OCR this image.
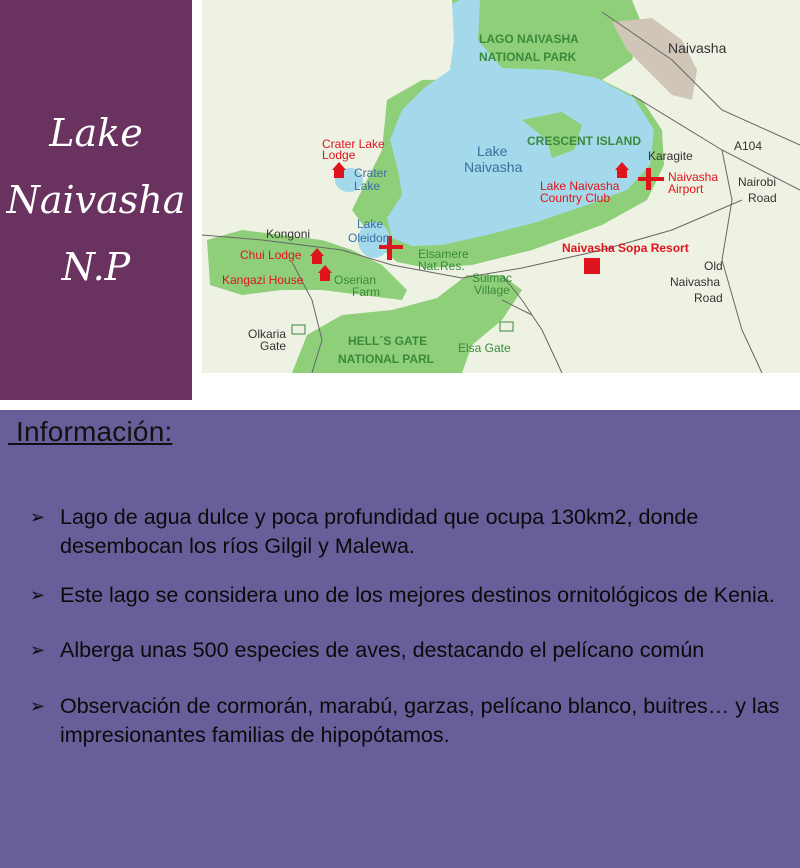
Lake
Naivasha
N.P
LAGO NAIVASHA
NATIONAL PARK
Naivasha
Lake
Naivasha
CRESCENT ISLAND	A104
Karagite
Naivasha
Airport	Nairobi
Road
Lake Naivasha
Country Club
Naivasha Sopa Resort
Crater Lake
Lodge
Crater
Lake
Lake
Oleidon
Kongoni
Chui Lodge
Kangazi House	Oserian
Farm
Elsamere
Nat.Res.
Sulmac
Village
Old
Naivasha
Road
Olkaria
Gate	HELL´S GATE
NATIONAL PARL
Elsa Gate
Información:
➢ Lago de agua dulce y poca profundidad que ocupa 130km2, donde desembocan los ríos Gilgil y Malewa.
➢ Este lago se considera uno de los mejores destinos ornitológicos de Kenia.
➢ Alberga unas 500 especies de aves, destacando el pelícano común
➢ Observación de cormorán, marabú, garzas, pelícano blanco, buitres… y las impresionantes familias de hipopótamos.
